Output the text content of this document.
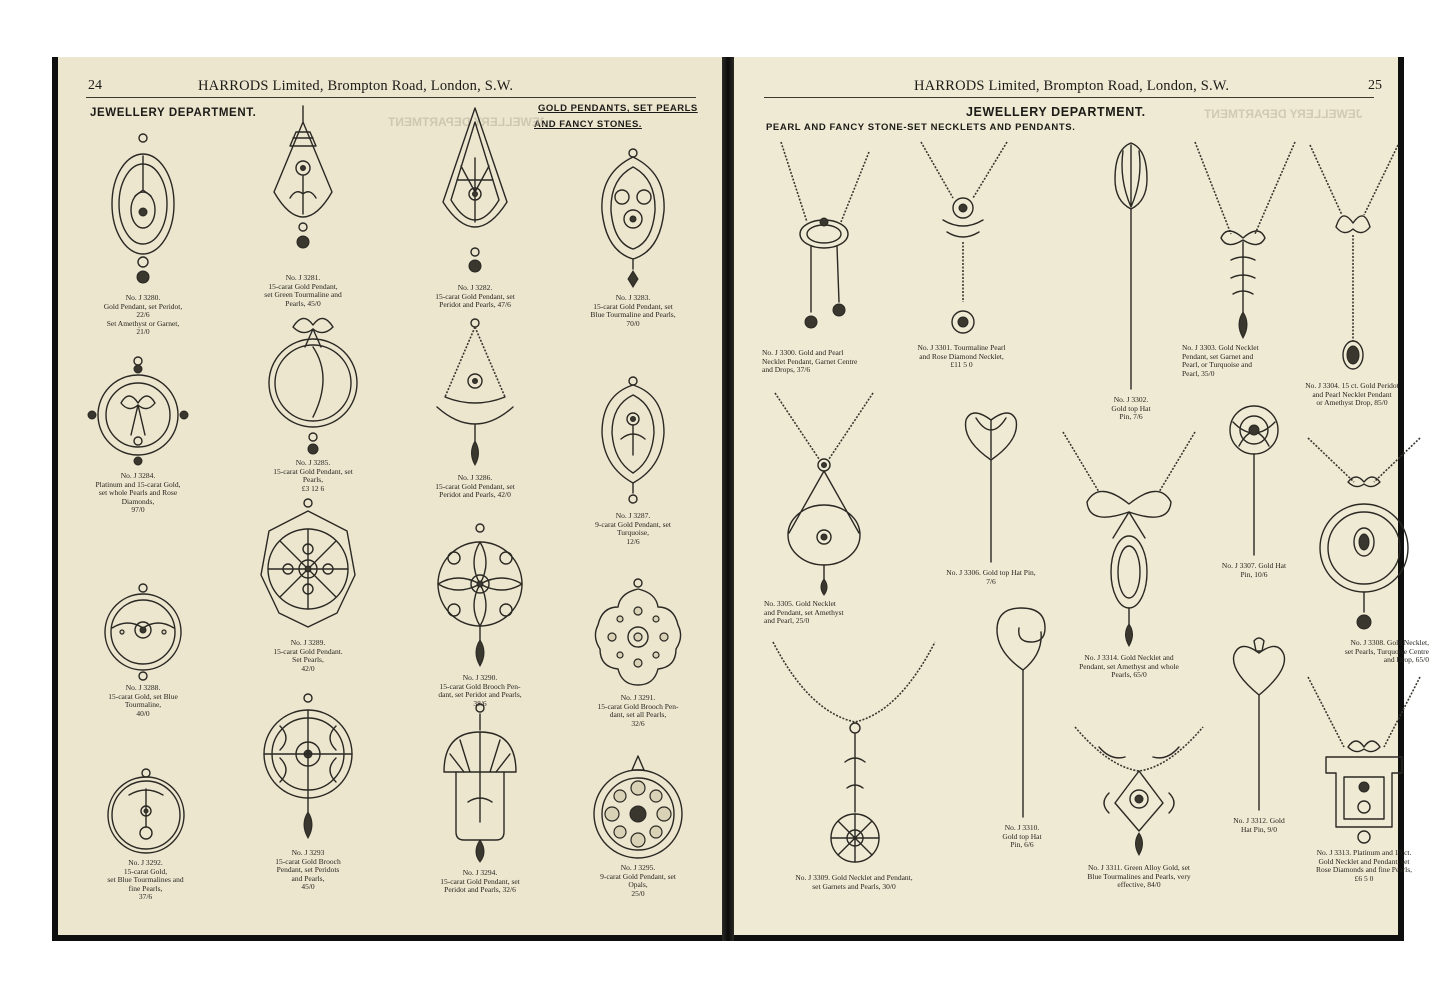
24	HARRODS Limited, Brompton Road, London, S.W.
JEWELLERY DEPARTMENT.	GOLD PENDANTS, SET PEARLS
AND FANCY STONES.
JEWELLERY DEPARTMENT
No. J 3280.
Gold Pendant, set Peridot,
22/6
Set Amethyst or Garnet,
21/0
No. J 3281.
15-carat Gold Pendant,
set Green Tourmaline and
Pearls, 45/0
No. J 3282.
15-carat Gold Pendant, set
Peridot and Pearls, 47/6
No. J 3283.
15-carat Gold Pendant, set
Blue Tourmaline and Pearls,
70/0
No. J 3284.
Platinum and 15-carat Gold,
set whole Pearls and Rose
Diamonds,
97/0
No. J 3285.
15-carat Gold Pendant, set
Pearls,
£3 12 6
No. J 3286.
15-carat Gold Pendant, set
Peridot and Pearls, 42/0
No. J 3287.
9-carat Gold Pendant, set
Turquoise,
12/6
No. J 3288.
15-carat Gold, set Blue
Tourmaline,
40/0
No. J 3289.
15-carat Gold Pendant.
Set Pearls,
42/0
No. J 3290.
15-carat Gold Brooch Pen-
dant, set Peridot and Pearls,
38/6
No. J 3291.
15-carat Gold Brooch Pen-
dant, set all Pearls,
32/6
No. J 3292.
15-carat Gold,
set Blue Tourmalines and
fine Pearls,
37/6
No. J 3293
15-carat Gold Brooch
Pendant, set Peridots
and Pearls,
45/0
No. J 3294.
15-carat Gold Pendant, set
Peridot and Pearls, 32/6
No. J 3295.
9-carat Gold Pendant, set
Opals,
25/0
HARRODS Limited, Brompton Road, London, S.W.	25
JEWELLERY DEPARTMENT.
PEARL AND FANCY STONE-SET NECKLETS AND PENDANTS.
JEWELLERY DEPARTMENT
No. J 3300. Gold and Pearl
Necklet Pendant, Garnet Centre
and Drops, 37/6
No. J 3301. Tourmaline Pearl
and Rose Diamond Necklet,
£11 5 0
No. J 3302.
Gold top Hat
Pin, 7/6
No. J 3303. Gold Necklet
Pendant, set Garnet and
Pearl, or Turquoise and
Pearl, 35/0
No. J 3304. 15 ct. Gold Peridot
and Pearl Necklet Pendant
or Amethyst Drop, 85/0
No. 3305. Gold Necklet
and Pendant, set Amethyst
and Pearl, 25/0
No. J 3306. Gold top Hat Pin,
7/6
No. J 3314. Gold Necklet and
Pendant, set Amethyst and whole
Pearls, 65/0
No. J 3307. Gold Hat
Pin, 10/6
No. J 3308. Gold Necklet,
set Pearls, Turquoise Centre
and Drop, 65/0
No. J 3309. Gold Necklet and Pendant,
set Garnets and Pearls, 30/0
No. J 3310.
Gold top Hat
Pin, 6/6
No. J 3311. Green Alloy Gold, set
Blue Tourmalines and Pearls, very
effective, 84/0
No. J 3312. Gold
Hat Pin, 9/0
No. J 3313. Platinum and 15 ct.
Gold Necklet and Pendant, set
Rose Diamonds and fine Pearls,
£6 5 0
